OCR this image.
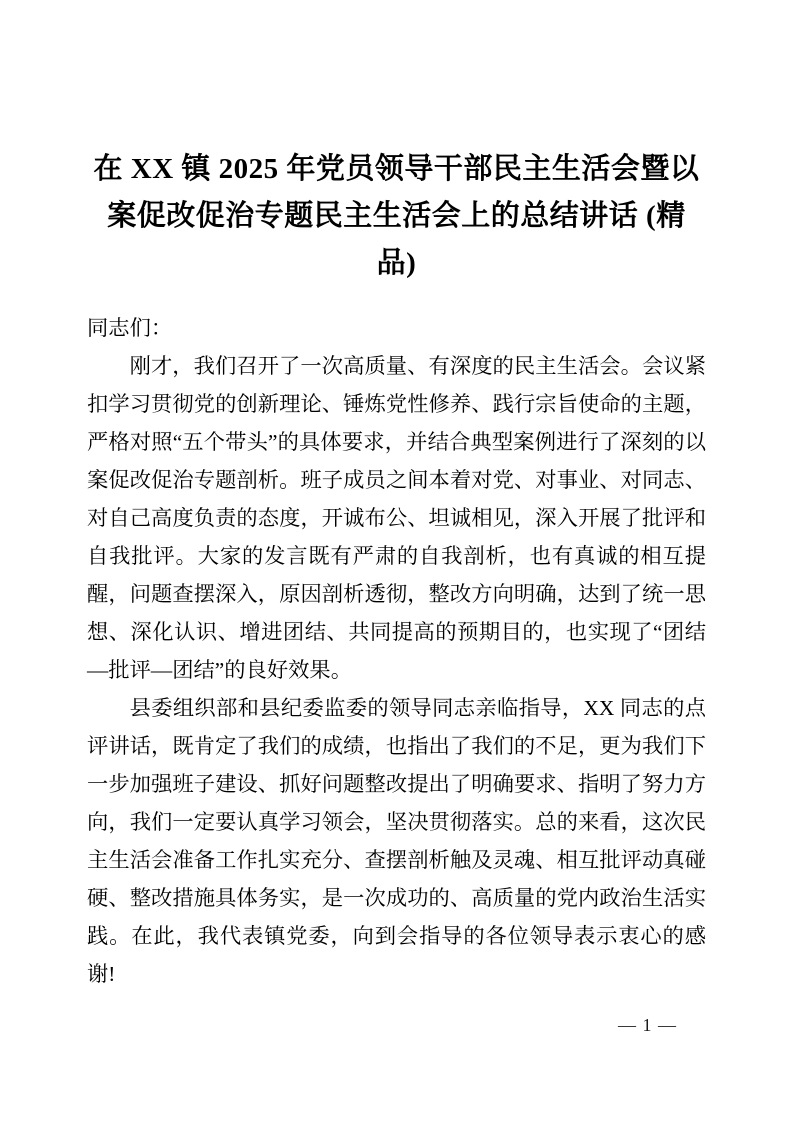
在 XX 镇 2025 年党员领导干部民主生活会暨以
案促改促治专题民主生活会上的总结讲话 (精
品)

同志们：

刚才，我们召开了一次高质量、有深度的民主生活会。会议紧扣学习贯彻党的创新理论、锤炼党性修养、践行宗旨使命的主题，严格对照“五个带头”的具体要求，并结合典型案例进行了深刻的以案促改促治专题剖析。班子成员之间本着对党、对事业、对同志、对自己高度负责的态度，开诚布公、坦诚相见，深入开展了批评和自我批评。大家的发言既有严肃的自我剖析，也有真诚的相互提醒，问题查摆深入，原因剖析透彻，整改方向明确，达到了统一思想、深化认识、增进团结、共同提高的预期目的，也实现了“团结—批评—团结”的良好效果。

县委组织部和县纪委监委的领导同志亲临指导，XX 同志的点评讲话，既肯定了我们的成绩，也指出了我们的不足，更为我们下一步加强班子建设、抓好问题整改提出了明确要求、指明了努力方向，我们一定要认真学习领会，坚决贯彻落实。总的来看，这次民主生活会准备工作扎实充分、查摆剖析触及灵魂、相互批评动真碰硬、整改措施具体务实，是一次成功的、高质量的党内政治生活实践。在此，我代表镇党委，向到会指导的各位领导表示衷心的感谢!

— 1 —
